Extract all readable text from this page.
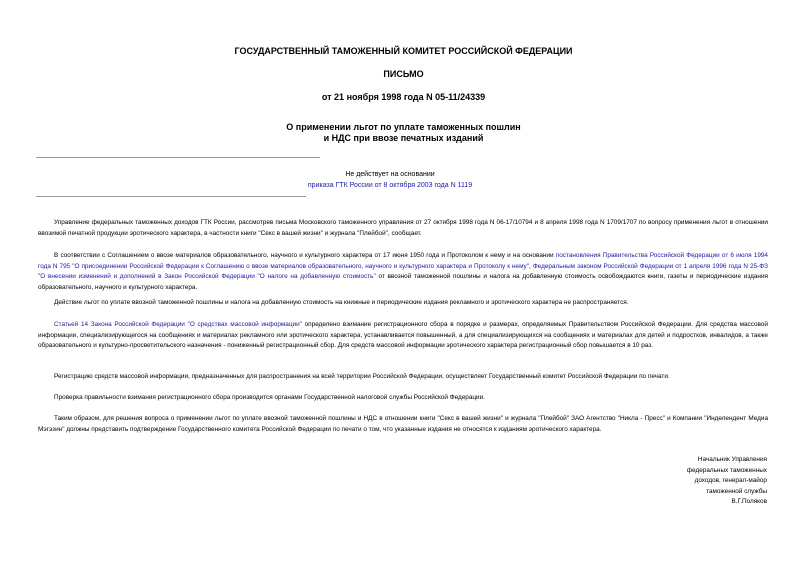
ГОСУДАРСТВЕННЫЙ ТАМОЖЕННЫЙ КОМИТЕТ РОССИЙСКОЙ ФЕДЕРАЦИИ
ПИСЬМО
от 21 ноября 1998 года N 05-11/24339
О применении льгот по уплате таможенных пошлин
и НДС при ввозе печатных изданий
Не действует на основании
приказа ГТК России от 8 октября 2003 года N 1119
Управление федеральных таможенных доходов ГТК России, рассмотрев письма Московского таможенного управления от 27 октября 1998 года N 06-17/10794 и 8 апреля 1998 года N 1709/1707 по вопросу применения льгот в отношении ввозимой печатной продукции эротического характера, в частности книги "Секс в вашей жизни" и журнала "Плейбой", сообщает.
В соответствии с Соглашением о ввозе материалов образовательного, научного и культурного характера от 17 июня 1950 года и Протоколом к нему и на основании постановления Правительства Российской Федерации от 6 июля 1994 года N 795 "О присоединении Российской Федерации к Соглашению о ввозе материалов образовательного, научного и культурного характера и Протоколу к нему", Федеральным законом Российской Федерации от 1 апреля 1996 года N 25-ФЗ "О внесении изменений и дополнений в Закон Российской Федерации "О налоге на добавленную стоимость" от ввозной таможенной пошлины и налога на добавленную стоимость освобождаются книги, газеты и периодические издания образовательного, научного и культурного характера.
Действие льгот по уплате ввозной таможенной пошлины и налога на добавленную стоимость на книжные и периодические издания рекламного и эротического характера не распространяется.
Статьей 14 Закона Российской Федерации "О средствах массовой информации" определено взимание регистрационного сбора в порядке и размерах, определяемых Правительством Российской Федерации. Для средства массовой информации, специализирующегося на сообщениях и материалах рекламного или эротического характера, устанавливается повышенный, а для специализирующихся на сообщениях и материалах для детей и подростков, инвалидов, а также образовательного и культурно-просветительского назначения - пониженный регистрационный сбор. Для средств массовой информации эротического характера регистрационный сбор повышается в 10 раз.
Регистрацию средств массовой информации, предназначенных для распространения на всей территории Российской Федерации, осуществляет Государственный комитет Российской Федерации по печати.
Проверка правильности взимания регистрационного сбора производится органами Государственной налоговой службы Российской Федерации.
Таким образом, для решения вопроса о применении льгот по уплате ввозной таможенной пошлины и НДС в отношении книги "Секс в вашей жизни" и журнала "Плейбой" ЗАО Агентство "Никла - Пресс" и Компании "Инделендент Медиа Мэгэзин" должны представить подтверждение Государственного комитета Российской Федерации по печати о том, что указанные издания не относятся к изданиям эротического характера.
Начальник Управления
федеральных таможенных
доходов, генерал-майор
таможенной службы
В.Г.Поляков
